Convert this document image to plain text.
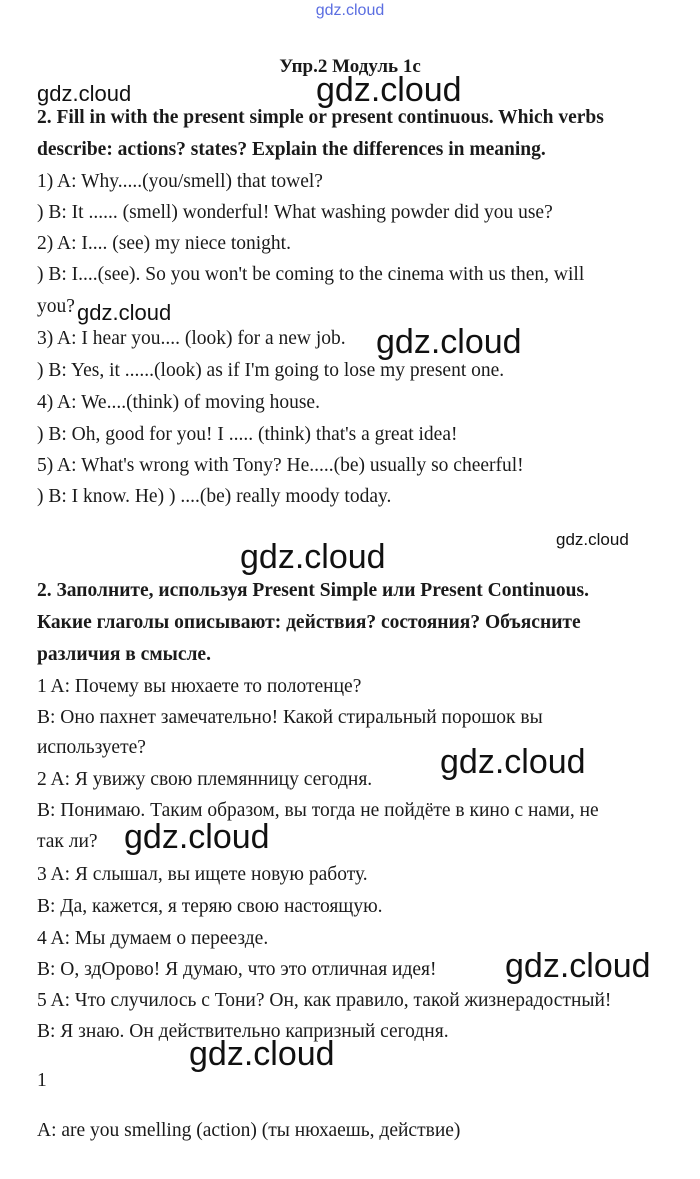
gdz.cloud
Упр.2 Модуль 1с
2. Fill in with the present simple or present continuous. Which verbs
describe: actions? states? Explain the differences in meaning.
1) A: Why.....(you/smell) that towel?
) B: It ...... (smell) wonderful! What washing powder did you use?
2) A: I.... (see) my niece tonight.
) B: I....(see). So you won't be coming to the cinema with us then, will
you?
3) A: I hear you.... (look) for a new job.
) B: Yes, it ......(look) as if I'm going to lose my present one.
4) A: We....(think) of moving house.
) B: Oh, good for you! I ..... (think) that's a great idea!
5) A: What's wrong with Tony? He.....(be) usually so cheerful!
) B: I know. He) ) ....(be) really moody today.
2. Заполните, используя Present Simple или Present Continuous.
Какие глаголы описывают: действия? состояния? Объясните
различия в смысле.
1 A: Почему вы нюхаете то полотенце?
B: Оно пахнет замечательно! Какой стиральный порошок вы
используете?
2 A: Я увижу свою племянницу сегодня.
B: Понимаю. Таким образом, вы тогда не пойдёте в кино с нами, не
так ли?
3 A: Я слышал, вы ищете новую работу.
B: Да, кажется, я теряю свою настоящую.
4 A: Мы думаем о переезде.
B: О, здОрово! Я думаю, что это отличная идея!
5 A: Что случилось с Тони? Он, как правило, такой жизнерадостный!
B: Я знаю. Он действительно капризный сегодня.
1
A: are you smelling (action) (ты нюхаешь, действие)
gdz.cloud	gdz.cloud
gdz.cloud
gdz.cloud
gdz.cloud
gdz.cloud
gdz.cloud
gdz.cloud
gdz.cloud
gdz.cloud
